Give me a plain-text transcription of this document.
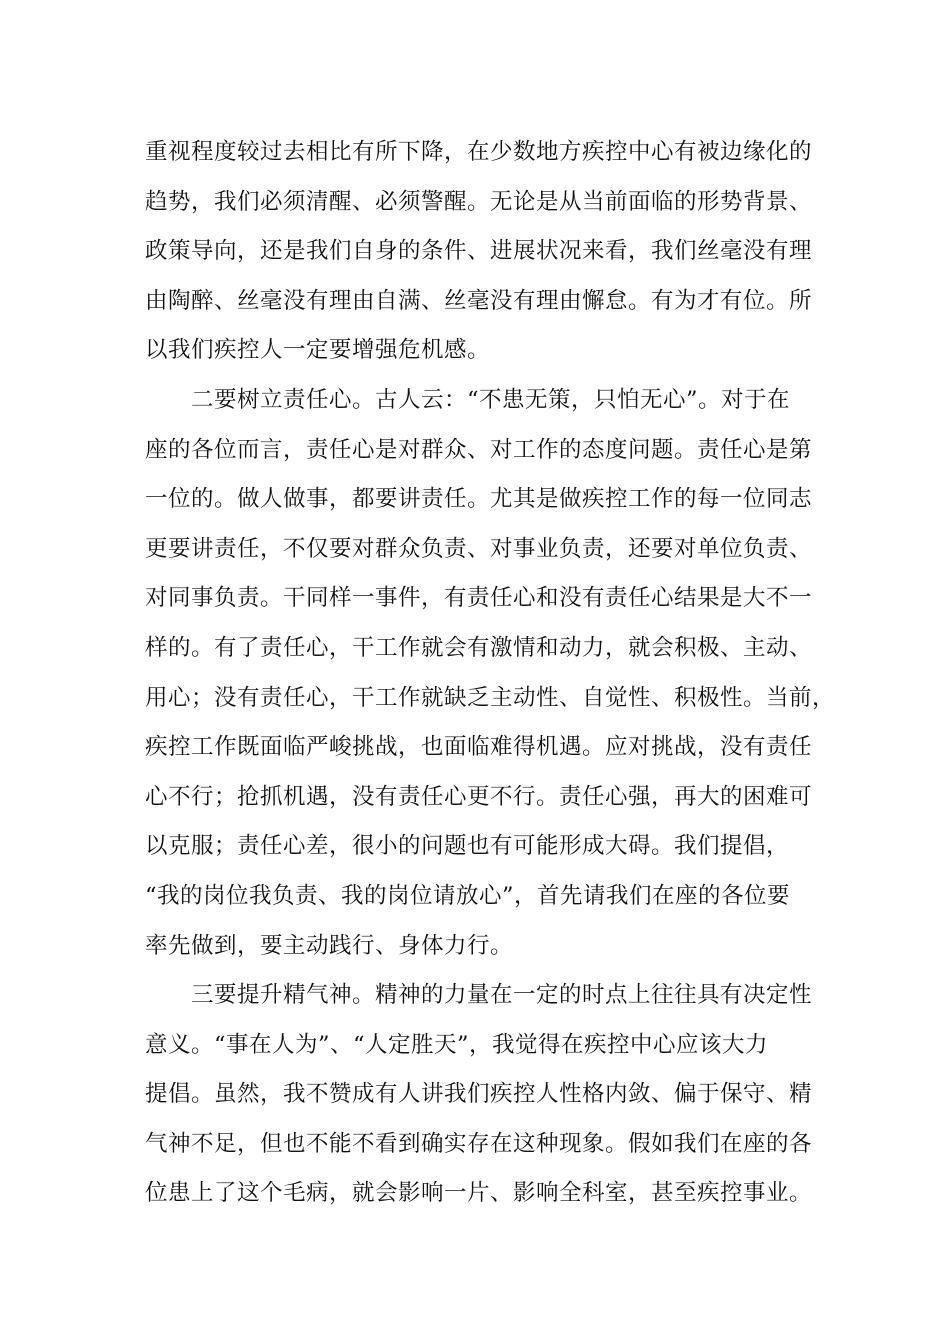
重视程度较过去相比有所下降，在少数地方疾控中心有被边缘化的
趋势，我们必须清醒、必须警醒。无论是从当前面临的形势背景、
政策导向，还是我们自身的条件、进展状况来看，我们丝毫没有理
由陶醉、丝毫没有理由自满、丝毫没有理由懈怠。有为才有位。所
以我们疾控人一定要增强危机感。
二要树立责任心。古人云：“不患无策，只怕无心”。对于在
座的各位而言，责任心是对群众、对工作的态度问题。责任心是第
一位的。做人做事，都要讲责任。尤其是做疾控工作的每一位同志
更要讲责任，不仅要对群众负责、对事业负责，还要对单位负责、
对同事负责。干同样一事件，有责任心和没有责任心结果是大不一
样的。有了责任心，干工作就会有激情和动力，就会积极、主动、
用心；没有责任心，干工作就缺乏主动性、自觉性、积极性。当前，
疾控工作既面临严峻挑战，也面临难得机遇。应对挑战，没有责任
心不行；抢抓机遇，没有责任心更不行。责任心强，再大的困难可
以克服；责任心差，很小的问题也有可能形成大碍。我们提倡，
“我的岗位我负责、我的岗位请放心”，首先请我们在座的各位要
率先做到，要主动践行、身体力行。
三要提升精气神。精神的力量在一定的时点上往往具有决定性
意义。“事在人为”、“人定胜天”，我觉得在疾控中心应该大力
提倡。虽然，我不赞成有人讲我们疾控人性格内敛、偏于保守、精
气神不足，但也不能不看到确实存在这种现象。假如我们在座的各
位患上了这个毛病，就会影响一片、影响全科室，甚至疾控事业。
